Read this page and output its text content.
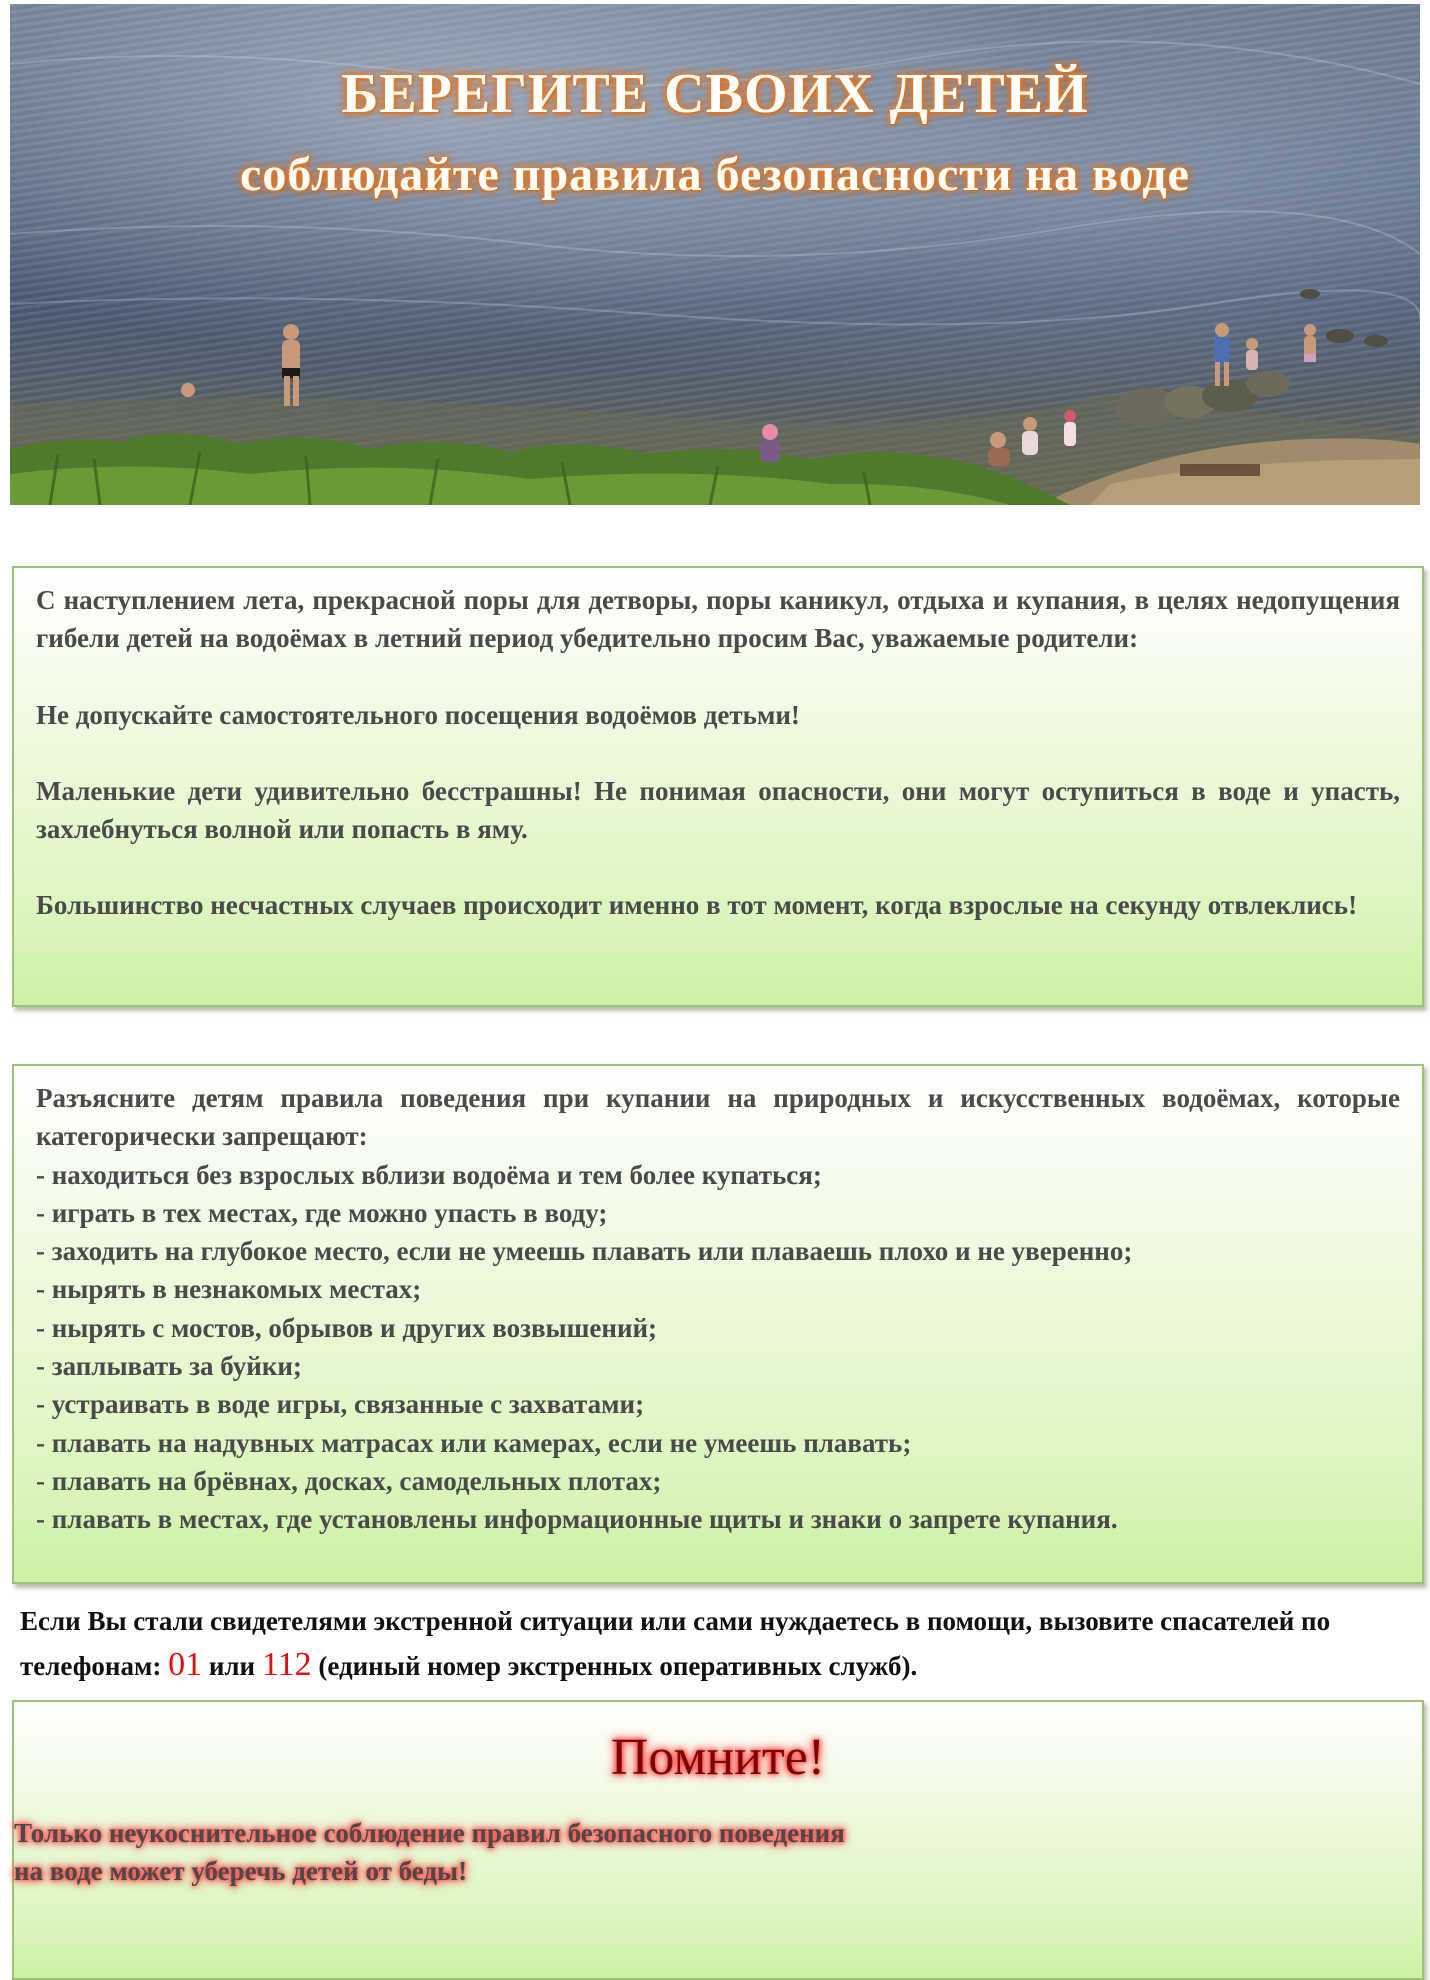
БЕРЕГИТЕ СВОИХ ДЕТЕЙ
соблюдайте правила безопасности на воде

С наступлением лета, прекрасной поры для детворы, поры каникул, отдыха и купания, в целях недопущения гибели детей на водоёмах в летний период убедительно просим Вас, уважаемые родители:

Не допускайте самостоятельного посещения водоёмов детьми!

Маленькие дети удивительно бесстрашны! Не понимая опасности, они могут оступиться в воде и упасть, захлебнуться волной или попасть в яму.

Большинство несчастных случаев происходит именно в тот момент, когда взрослые на секунду отвлеклись!

Разъясните детям правила поведения при купании на природных и искусственных водоёмах, которые категорически запрещают:

- находиться без взрослых вблизи водоёма и тем более купаться;
- играть в тех местах, где можно упасть в воду;
- заходить на глубокое место, если не умеешь плавать или плаваешь плохо и не уверенно;
- нырять в незнакомых местах;
- нырять с мостов, обрывов и других возвышений;
- заплывать за буйки;
- устраивать в воде игры, связанные с захватами;
- плавать на надувных матрасах или камерах, если не умеешь плавать;
- плавать на брёвнах, досках, самодельных плотах;
- плавать в местах, где установлены информационные щиты и знаки о запрете купания.

Если Вы стали свидетелями экстренной ситуации или сами нуждаетесь в помощи, вызовите спасателей по телефонам: 01 или 112 (единый номер экстренных оперативных служб).

Помните!

Только неукоснительное соблюдение правил безопасного поведения
на воде может уберечь детей от беды!
